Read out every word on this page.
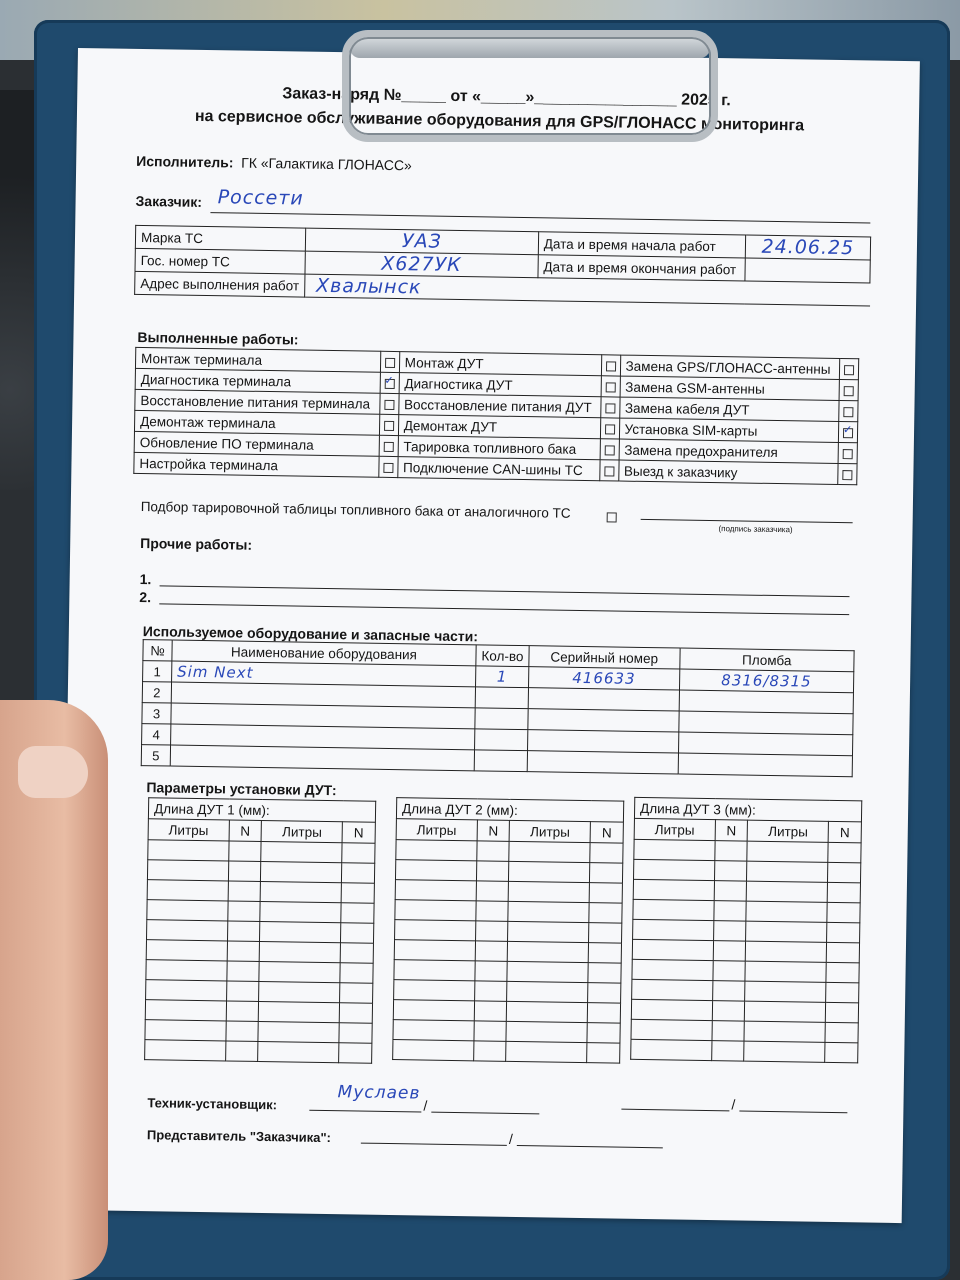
Заказ-наряд №_____ от «_____»________________ 2025 г.
на сервисное обслуживание оборудования для GPS/ГЛОНАСС мониторинга
Исполнитель: ГК «Галактика ГЛОНАСС»
Заказчик: Россети
Марка ТС	УАЗ	Дата и время начала работ	24.06.25
Гос. номер ТС	Х627УК	Дата и время окончания работ	
Адрес выполнения работ	Хвалынск		
Выполненные работы:
Монтаж терминала		Монтаж ДУТ		Замена GPS/ГЛОНАСС-антенны	
Диагностика терминала	✓	Диагностика ДУТ		Замена GSM-антенны	
Восстановление питания терминала		Восстановление питания ДУТ		Замена кабеля ДУТ	
Демонтаж терминала		Демонтаж ДУТ		Установка SIM-карты	✓
Обновление ПО терминала		Тарировка топливного бака		Замена предохранителя	
Настройка терминала		Подключение CAN-шины ТС		Выезд к заказчику	
Подбор тарировочной таблицы топливного бака от аналогичного ТС
(подпись заказчика)
Прочие работы:
1.
2.
Используемое оборудование и запасные части:
№	Наименование оборудования	Кол-во	Серийный номер	Пломба
1	Sim Next	1	416633	8316/8315
2				
3				
4				
5				
Параметры установки ДУТ:
Длина ДУТ 1 (мм):			
Литры	N	Литры	N

Длина ДУТ 2 (мм):			
Литры	N	Литры	N

Длина ДУТ 3 (мм):			
Литры	N	Литры	N

Техник-установщик:
Муслаев
/	/
Представитель "Заказчика":	/
